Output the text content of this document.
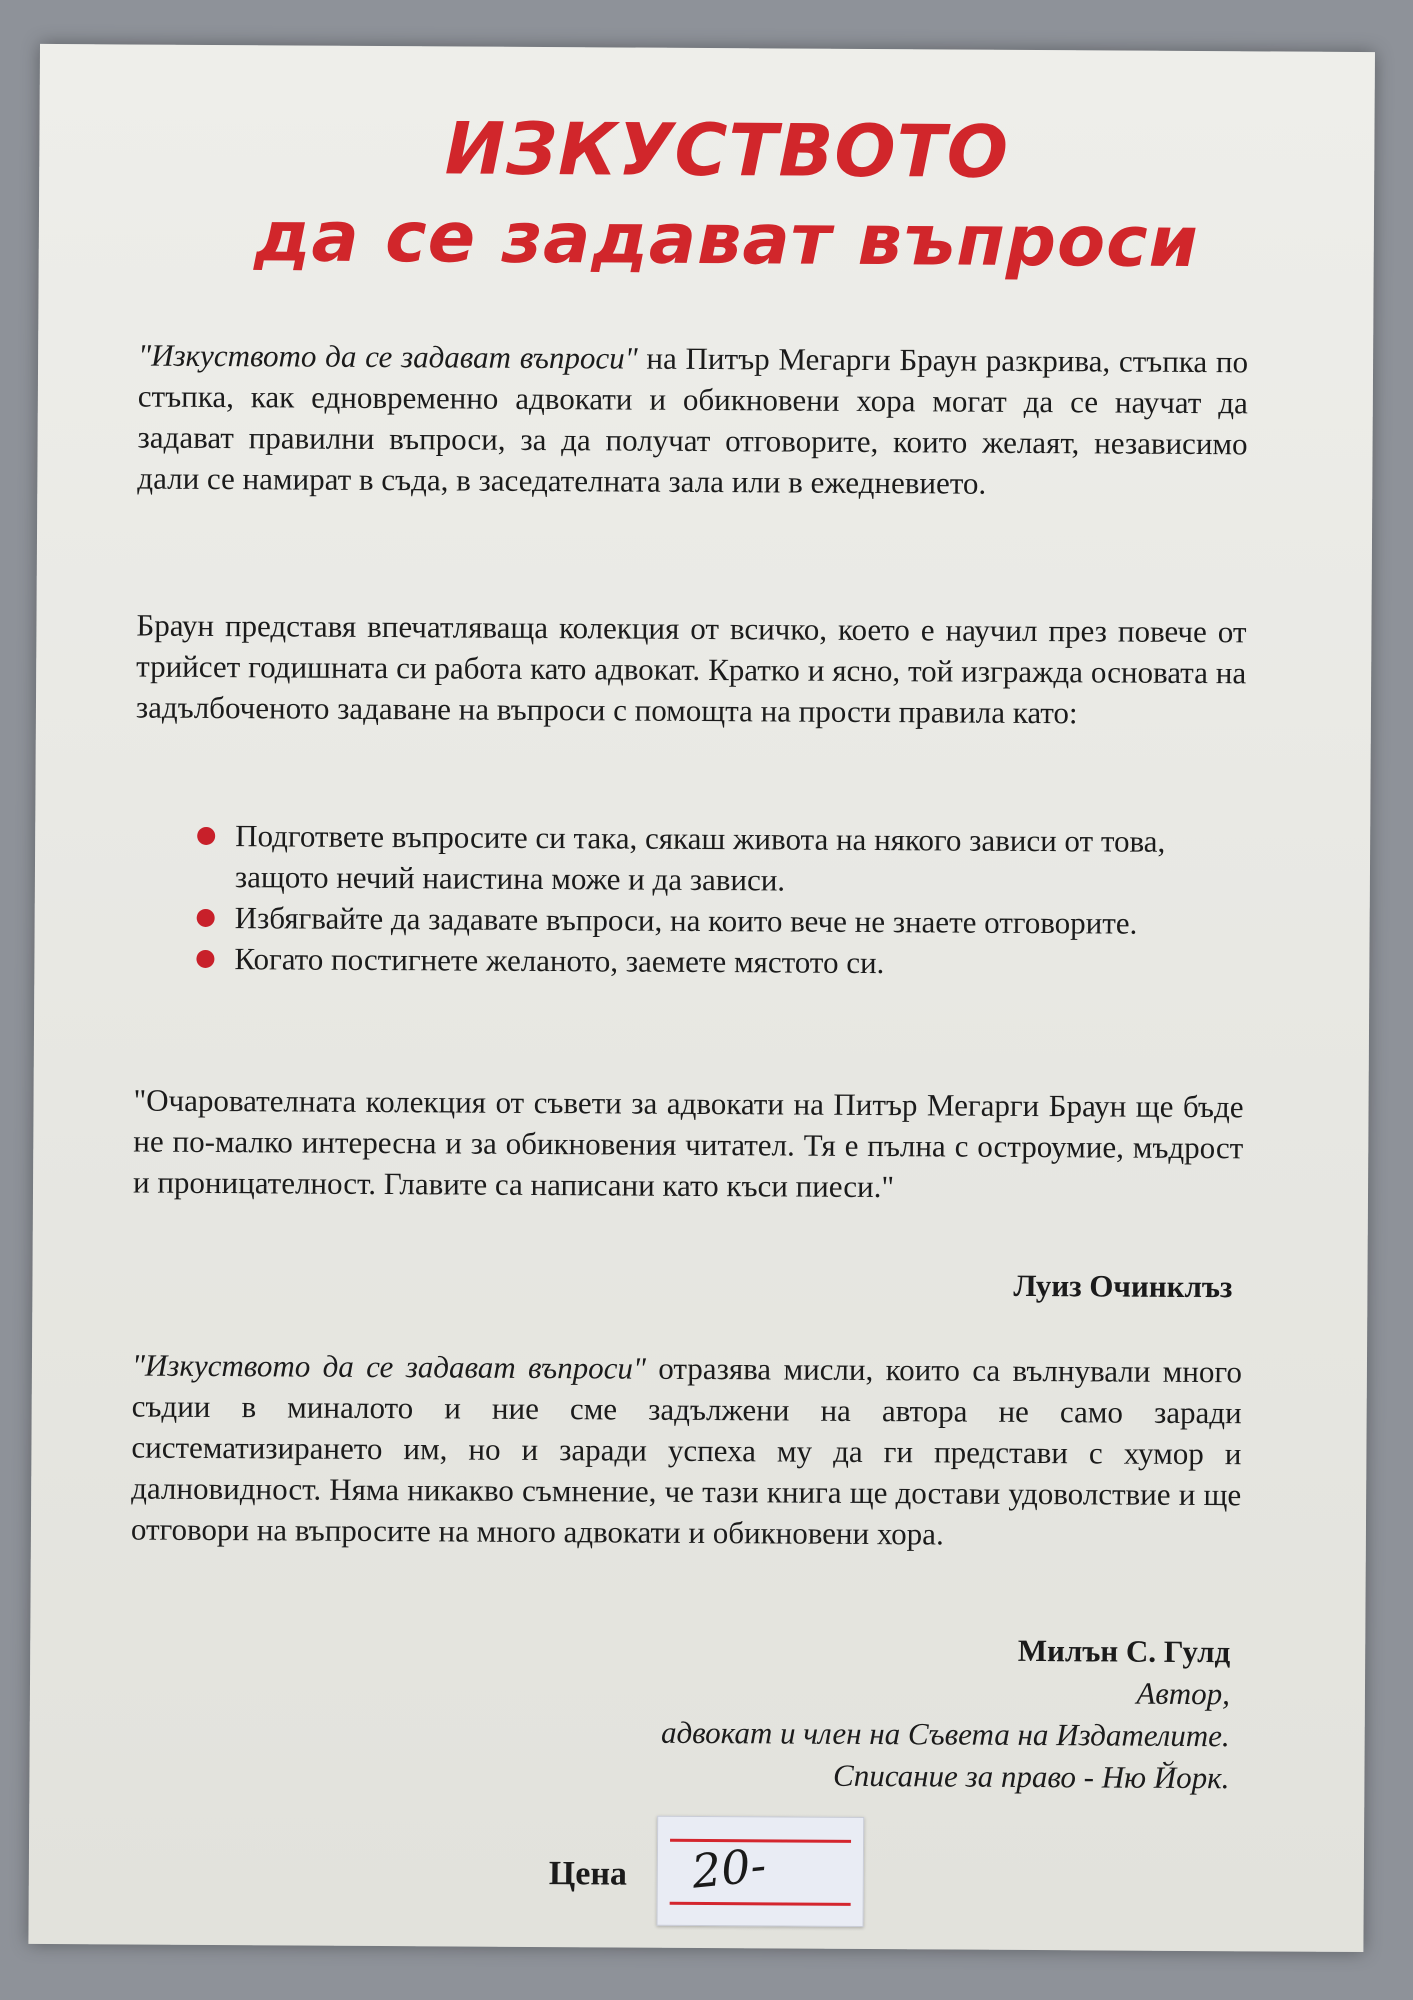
ИЗКУСТВОТО
да се задават въпроси

"Изкуството да се задават въпроси" на Питър Мегарги Браун разкрива, стъпка по стъпка, как едновременно адвокати и обикновени хора могат да се научат да задават правилни въпроси, за да получат отговорите, които желаят, независимо дали се намират в съда, в заседателната зала или в ежедневието.

Браун представя впечатляваща колекция от всичко, което е научил през повече от трийсет годишната си работа като адвокат. Кратко и ясно, той изгражда основата на задълбоченото задаване на въпроси с помощта на прости правила като:

Подгответе въпросите си така, сякаш живота на някого зависи от това, защото нечий наистина може и да зависи.
Избягвайте да задавате въпроси, на които вече не знаете отговорите.
Когато постигнете желаното, заемете мястото си.

"Очарователната колекция от съвети за адвокати на Питър Мегарги Браун ще бъде не по-малко интересна и за обикновения читател. Тя е пълна с остроумие, мъдрост и проницателност. Главите са написани като къси пиеси."

Луиз Очинклъз

"Изкуството да се задават въпроси" отразява мисли, които са вълнували много съдии в миналото и ние сме задължени на автора не само заради систематизирането им, но и заради успеха му да ги представи с хумор и далновидност. Няма никакво съмнение, че тази книга ще достави удоволствие и ще отговори на въпросите на много адвокати и обикновени хора.

Милън С. Гулд
Автор,
адвокат и член на Съвета на Издателите.
Списание за право - Ню Йорк.
Цена 20-
